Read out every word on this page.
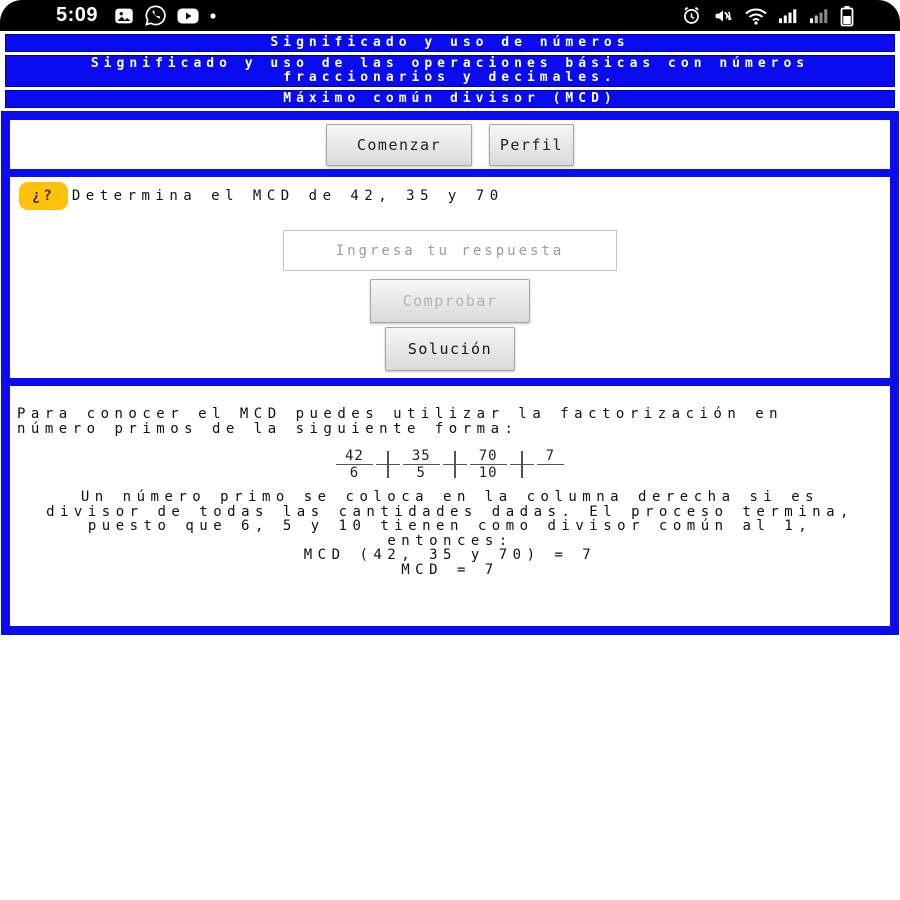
5:09
Significado y uso de números
Significado y uso de las operaciones básicas con números fraccionarios y decimales.
Máximo común divisor (MCD)
Comenzar	Perfil
¿?	Determina el MCD de 42, 35 y 70
Ingresa tu respuesta
Comprobar
Solución
Para conocer el MCD puedes utilizar la factorización en
número primos de la siguiente forma:
42
6
35
5
70
10
7
Un número primo se coloca en la columna derecha si es
divisor de todas las cantidades dadas. El proceso termina,
puesto que 6, 5 y 10 tienen como divisor común al 1,
entonces:
MCD (42, 35 y 70) = 7
MCD = 7
